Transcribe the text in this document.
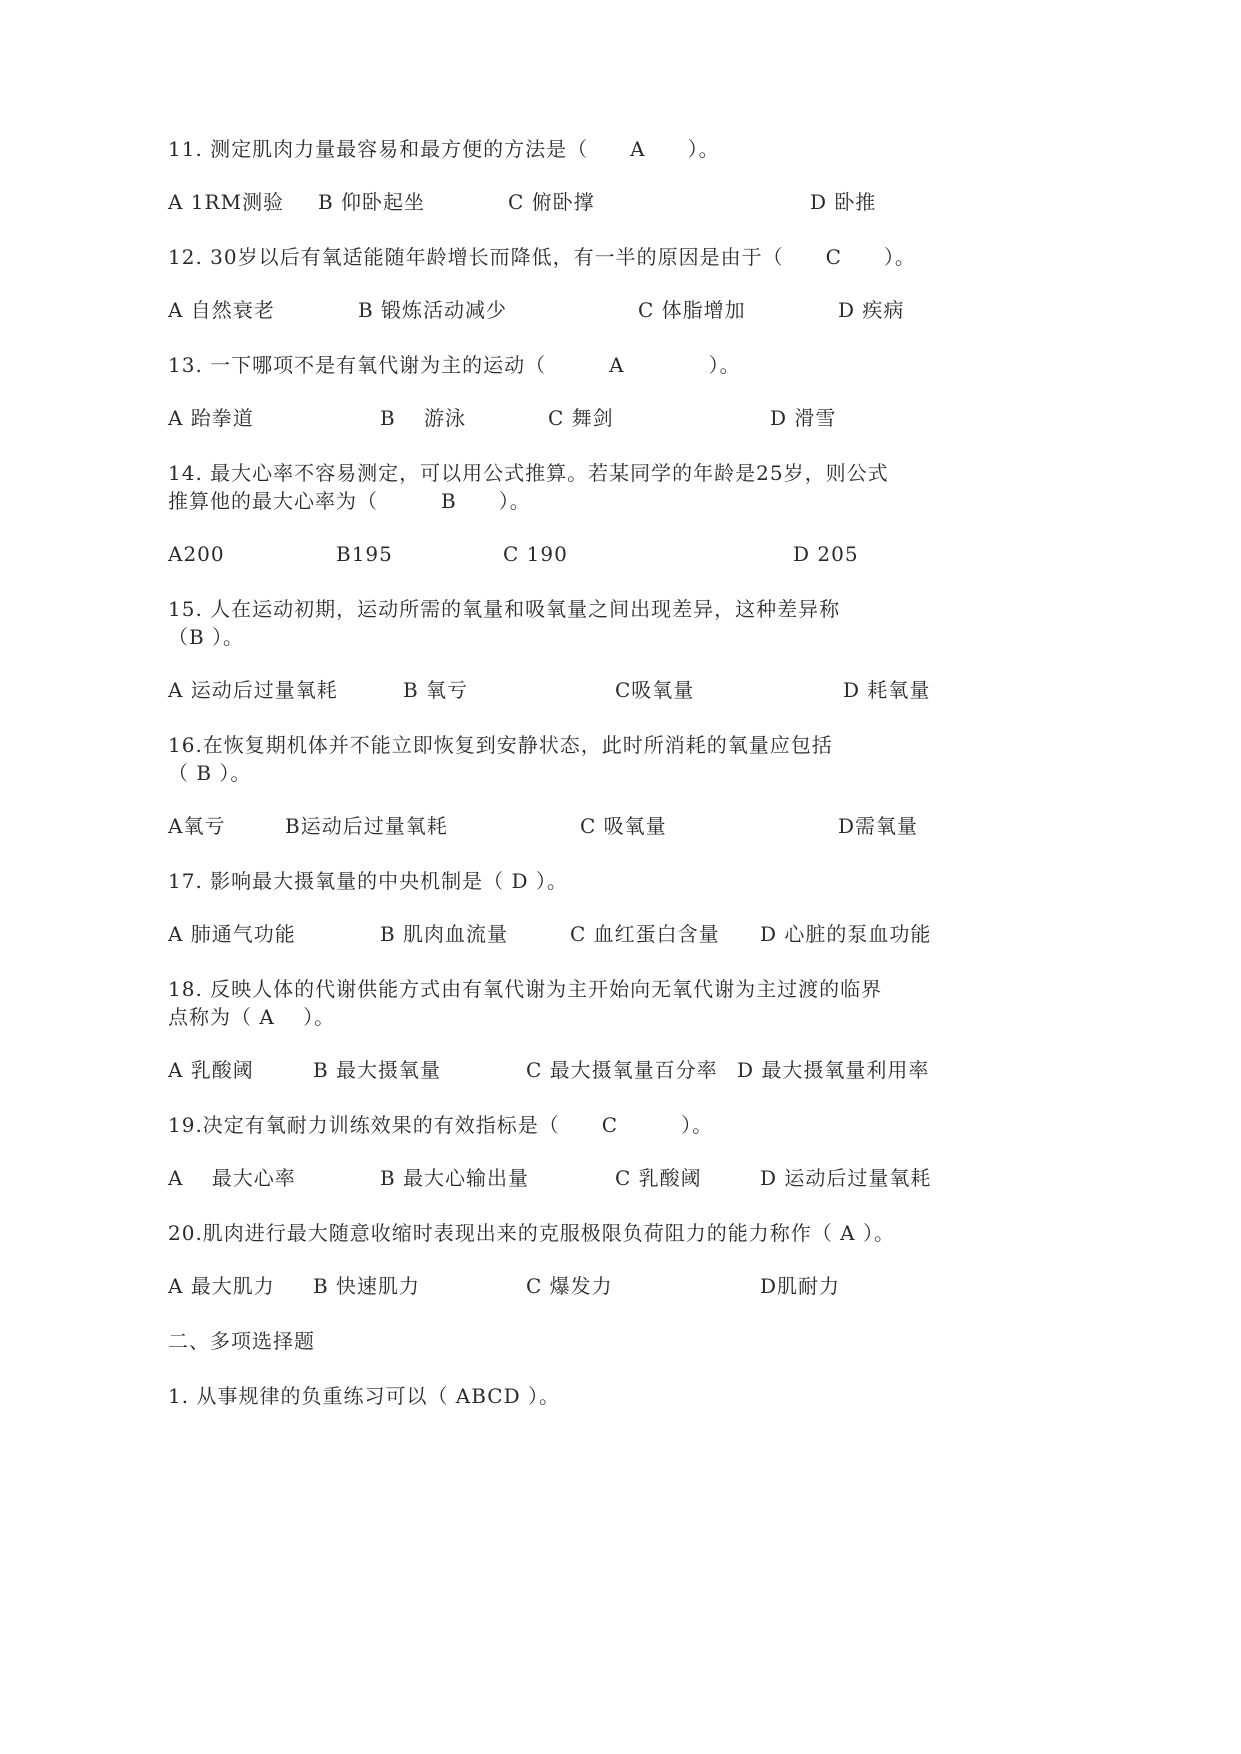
11. 测定肌肉力量最容易和最方便的方法是（　　A　　）。
A 1RM测验 B 仰卧起坐	C 俯卧撑	D 卧推
12. 30岁以后有氧适能随年龄增长而降低，有一半的原因是由于（　　C　　）。
A 自然衰老	B 锻炼活动减少	C 体脂增加	D 疾病
13. 一下哪项不是有氧代谢为主的运动（　　　A　　　　）。
A 跆拳道	B　 游泳	C 舞剑	D 滑雪
14. 最大心率不容易测定，可以用公式推算。若某同学的年龄是25岁，则公式
推算他的最大心率为（　　　B　　）。
A200	B195	C 190	D 205
15. 人在运动初期，运动所需的氧量和吸氧量之间出现差异，这种差异称
（B ）。
A 运动后过量氧耗	B 氧亏	C吸氧量	D 耗氧量
16.在恢复期机体并不能立即恢复到安静状态，此时所消耗的氧量应包括
（ B ）。
A氧亏	B运动后过量氧耗	C 吸氧量	D需氧量
17. 影响最大摄氧量的中央机制是（ D ）。
A 肺通气功能	B 肌肉血流量	C 血红蛋白含量 D 心脏的泵血功能
18. 反映人体的代谢供能方式由有氧代谢为主开始向无氧代谢为主过渡的临界
点称为（ A　 ）。
A 乳酸阈	B 最大摄氧量	C 最大摄氧量百分率 D 最大摄氧量利用率
19.决定有氧耐力训练效果的有效指标是（　　C　　　）。
A　 最大心率	B 最大心输出量	C 乳酸阈	D 运动后过量氧耗
20.肌肉进行最大随意收缩时表现出来的克服极限负荷阻力的能力称作（ A ）。
A 最大肌力 B 快速肌力	C 爆发力	D肌耐力
二、多项选择题
1. 从事规律的负重练习可以（ ABCD ）。
